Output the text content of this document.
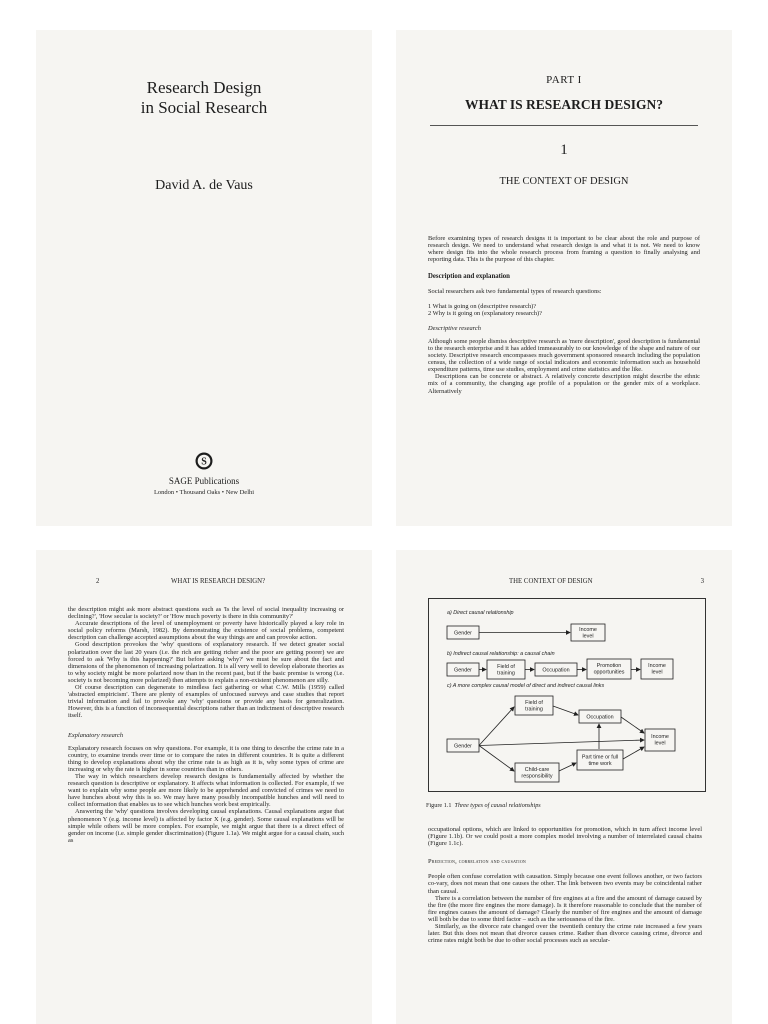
Research Design
in Social Research
David A. de Vaus
S
SAGE Publications
London • Thousand Oaks • New Delhi
PART I
WHAT IS RESEARCH DESIGN?
1
THE CONTEXT OF DESIGN

Before examining types of research designs it is important to be clear about the role and purpose of research design. We need to understand what research design is and what it is not. We need to know where design fits into the whole research process from framing a question to finally analysing and reporting data. This is the purpose of this chapter.

Description and explanation

Social researchers ask two fundamental types of research questions:

1 What is going on (descriptive research)?
2 Why is it going on (explanatory research)?
Descriptive research

Although some people dismiss descriptive research as 'mere description', good description is fundamental to the research enterprise and it has added immeasurably to our knowledge of the shape and nature of our society. Descriptive research encompasses much government sponsored research including the population census, the collection of a wide range of social indicators and economic information such as household expenditure patterns, time use studies, employment and crime statistics and the like.

Descriptions can be concrete or abstract. A relatively concrete description might describe the ethnic mix of a community, the changing age profile of a population or the gender mix of a workplace. Alternatively

2	WHAT IS RESEARCH DESIGN?

the description might ask more abstract questions such as 'Is the level of social inequality increasing or declining?', 'How secular is society?' or 'How much poverty is there in this community?'

Accurate descriptions of the level of unemployment or poverty have historically played a key role in social policy reforms (Marsh, 1982). By demonstrating the existence of social problems, competent description can challenge accepted assumptions about the way things are and can provoke action.

Good description provokes the 'why' questions of explanatory research. If we detect greater social polarization over the last 20 years (i.e. the rich are getting richer and the poor are getting poorer) we are forced to ask 'Why is this happening?' But before asking 'why?' we must be sure about the fact and dimensions of the phenomenon of increasing polarization. It is all very well to develop elaborate theories as to why society might be more polarized now than in the recent past, but if the basic premise is wrong (i.e. society is not becoming more polarized) then attempts to explain a non-existent phenomenon are silly.

Of course description can degenerate to mindless fact gathering or what C.W. Mills (1959) called 'abstracted empiricism'. There are plenty of examples of unfocused surveys and case studies that report trivial information and fail to provoke any 'why' questions or provide any basis for generalization. However, this is a function of inconsequential descriptions rather than an indictment of descriptive research itself.

Explanatory research

Explanatory research focuses on why questions. For example, it is one thing to describe the crime rate in a country, to examine trends over time or to compare the rates in different countries. It is quite a different thing to develop explanations about why the crime rate is as high as it is, why some types of crime are increasing or why the rate is higher in some countries than in others.

The way in which researchers develop research designs is fundamentally affected by whether the research question is descriptive or explanatory. It affects what information is collected. For example, if we want to explain why some people are more likely to be apprehended and convicted of crimes we need to have hunches about why this is so. We may have many possibly incompatible hunches and will need to collect information that enables us to see which hunches work best empirically.

Answering the 'why' questions involves developing causal explanations. Causal explanations argue that phenomenon Y (e.g. income level) is affected by factor X (e.g. gender). Some causal explanations will be simple while others will be more complex. For example, we might argue that there is a direct effect of gender on income (i.e. simple gender discrimination) (Figure 1.1a). We might argue for a causal chain, such as

THE CONTEXT OF DESIGN	3
a) Direct causal relationship
b) Indirect causal relationship: a causal chain
c) A more complex causal model of direct and indirect causal links
Gender
Income
level
Gender
Field of
training	Occupation
Promotion
opportunities
Income
level
Gender
Field of
training
Occupation
Income
level
Part time or full
time work
Child-care
responsibility
Figure 1.1 Three types of causal relationships

occupational options, which are linked to opportunities for promotion, which in turn affect income level (Figure 1.1b). Or we could posit a more complex model involving a number of interrelated causal chains (Figure 1.1c).

Prediction, correlation and causation

People often confuse correlation with causation. Simply because one event follows another, or two factors co-vary, does not mean that one causes the other. The link between two events may be coincidental rather than causal.

There is a correlation between the number of fire engines at a fire and the amount of damage caused by the fire (the more fire engines the more damage). Is it therefore reasonable to conclude that the number of fire engines causes the amount of damage? Clearly the number of fire engines and the amount of damage will both be due to some third factor – such as the seriousness of the fire.

Similarly, as the divorce rate changed over the twentieth century the crime rate increased a few years later. But this does not mean that divorce causes crime. Rather than divorce causing crime, divorce and crime rates might both be due to other social processes such as secular-
